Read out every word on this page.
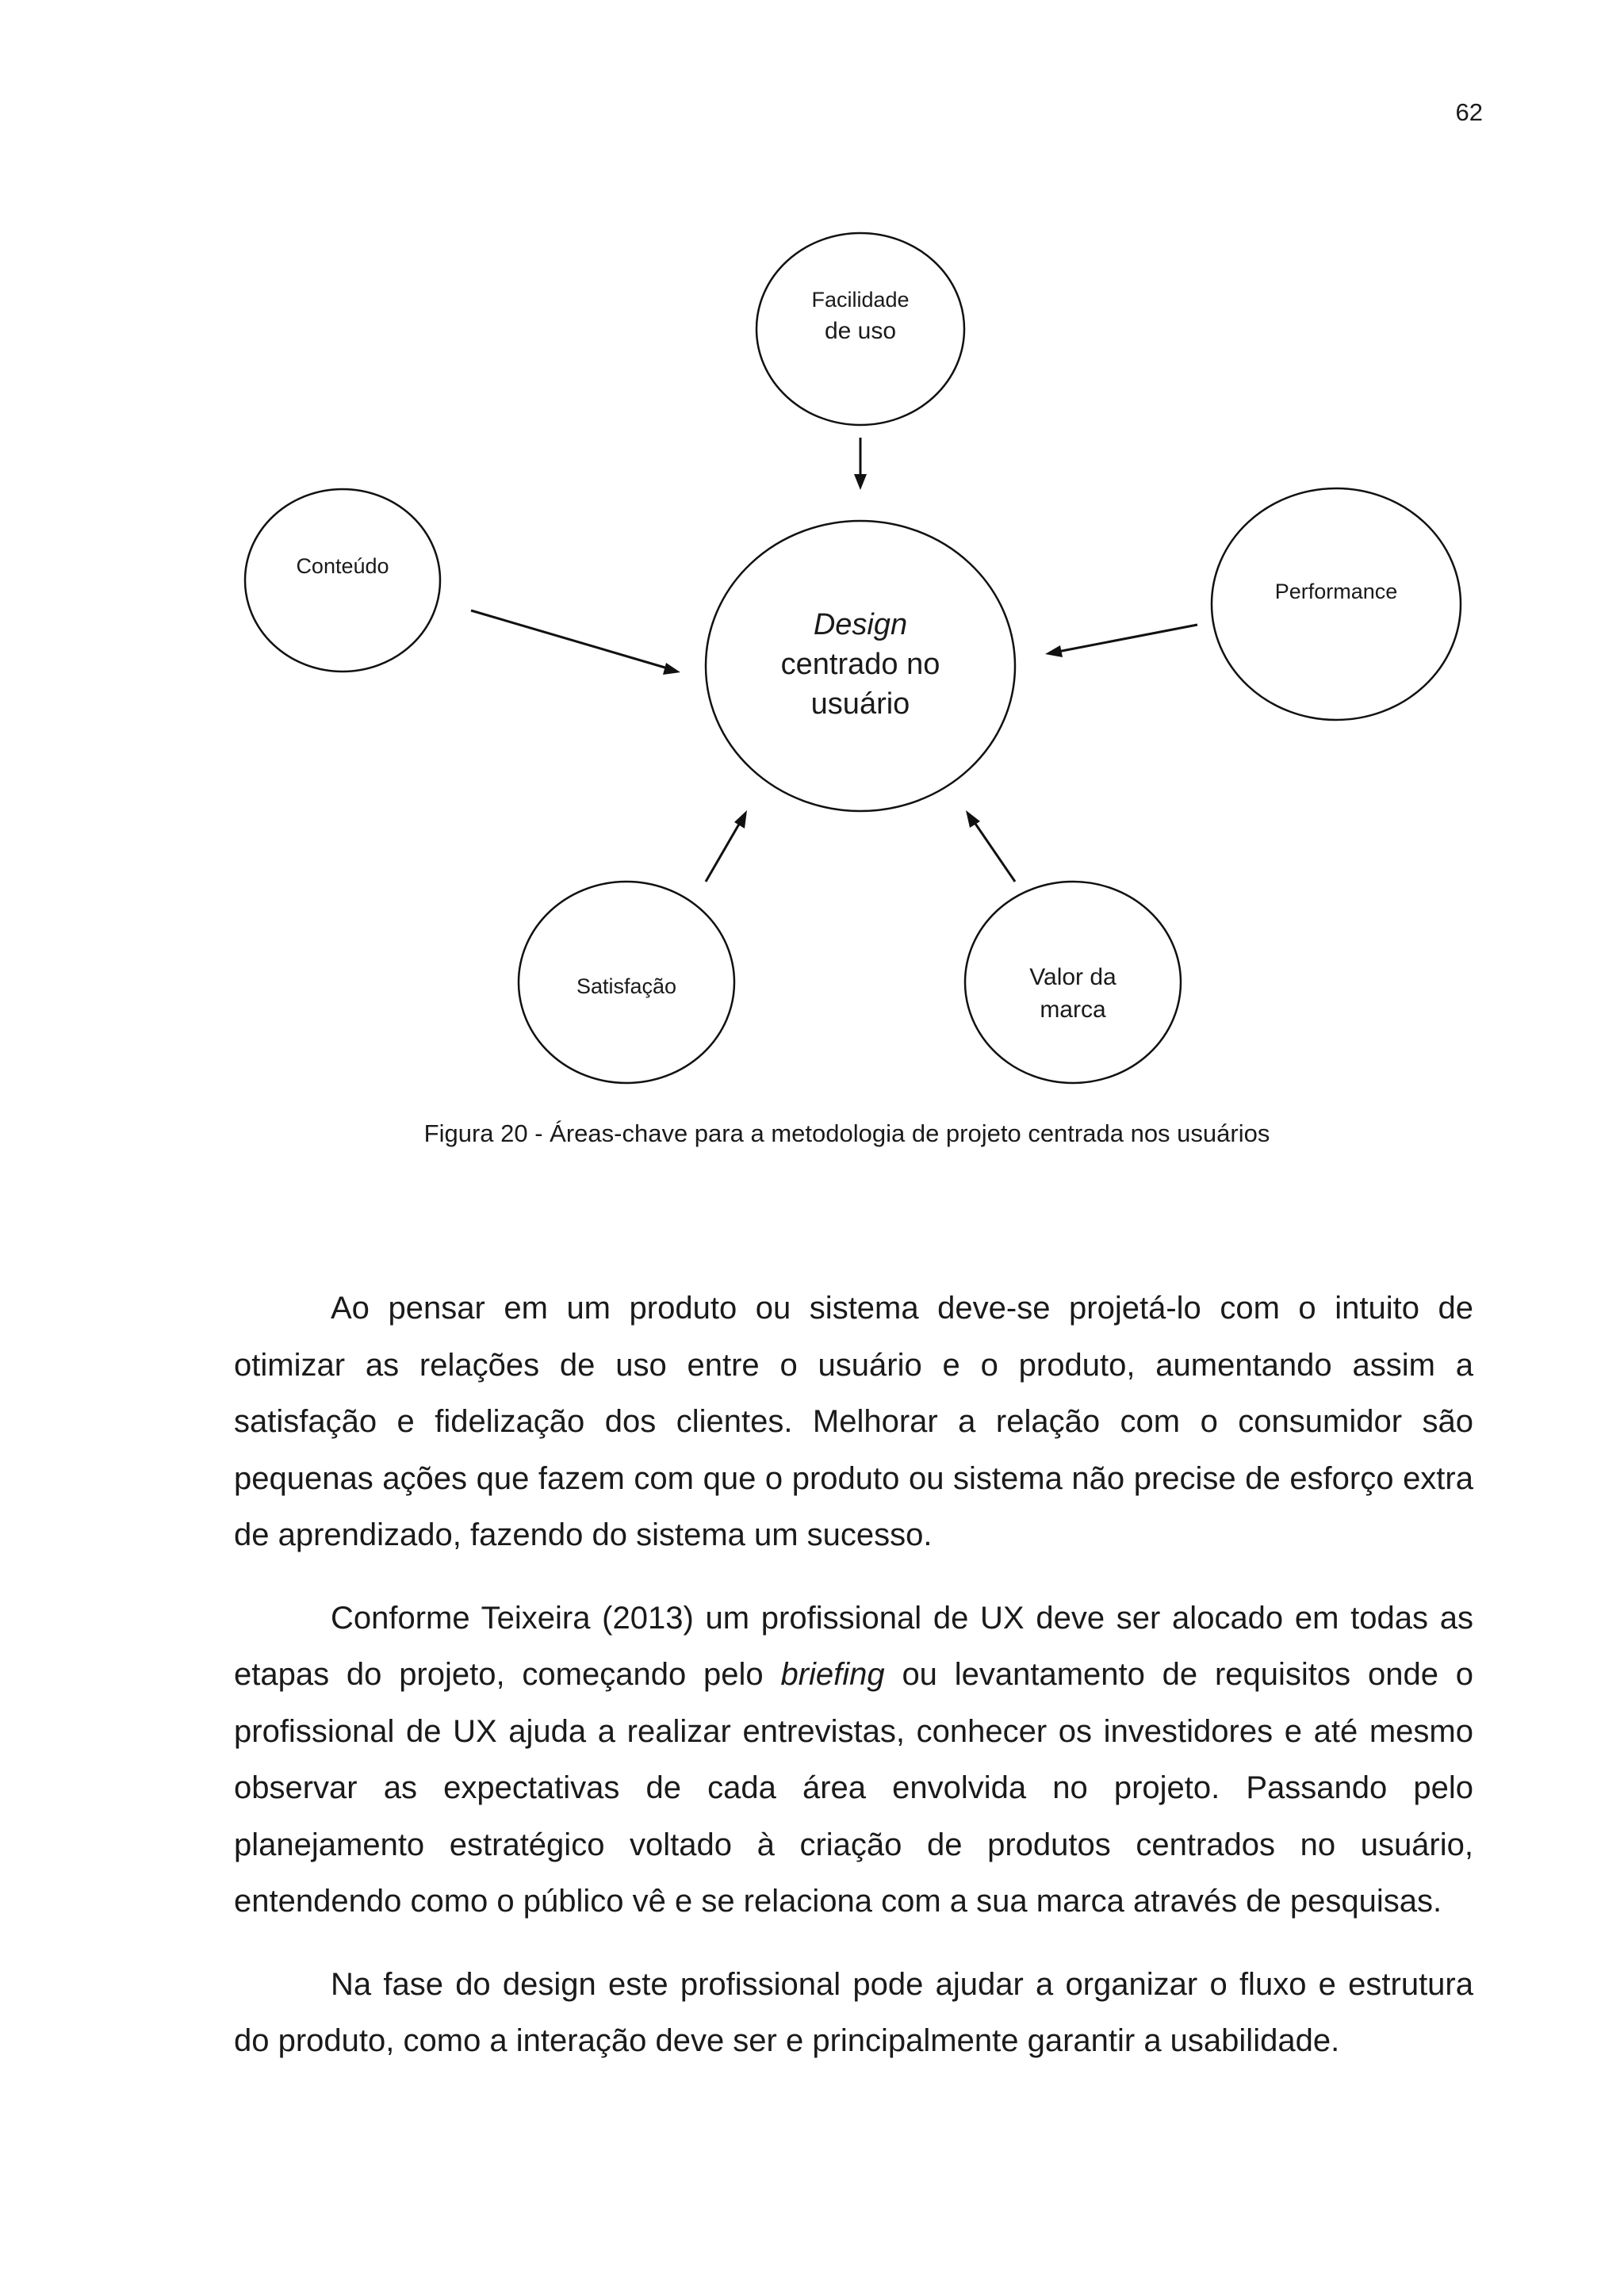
62
Design
centrado no
usuário
Facilidade
de uso
Conteúdo
Performance
Satisfação	Valor da
marca
Figura 20 - Áreas-chave para a metodologia de projeto centrada nos usuários

Ao pensar em um produto ou sistema deve-se projetá-lo com o intuito de otimizar as relações de uso entre o usuário e o produto, aumentando assim a satisfação e fidelização dos clientes. Melhorar a relação com o consumidor são pequenas ações que fazem com que o produto ou sistema não precise de esforço extra de aprendizado, fazendo do sistema um sucesso.

Conforme Teixeira (2013) um profissional de UX deve ser alocado em todas as etapas do projeto, começando pelo briefing ou levantamento de requisitos onde o profissional de UX ajuda a realizar entrevistas, conhecer os investidores e até mesmo observar as expectativas de cada área envolvida no projeto. Passando pelo planejamento estratégico voltado à criação de produtos centrados no usuário, entendendo como o público vê e se relaciona com a sua marca através de pesquisas.

Na fase do design este profissional pode ajudar a organizar o fluxo e estrutura do produto, como a interação deve ser e principalmente garantir a usabilidade.
